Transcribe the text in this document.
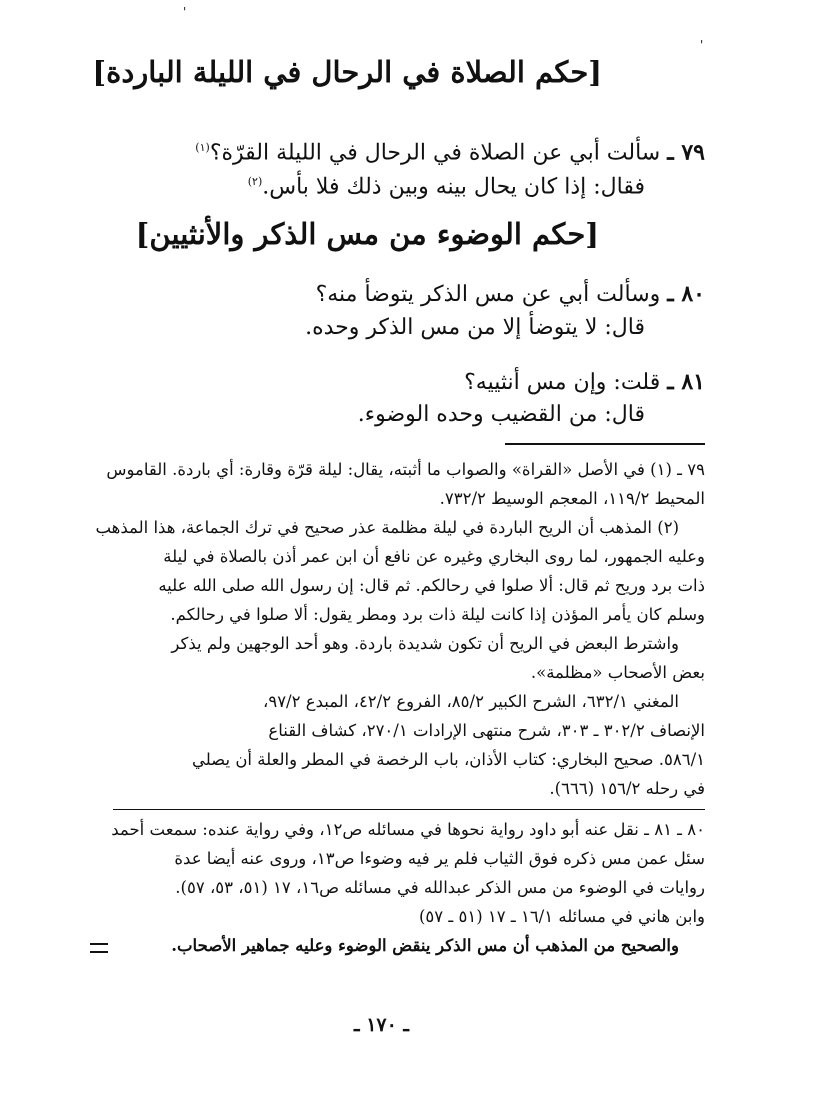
'
'
[حكم الصلاة في الرحال في الليلة الباردة]
٧٩ ـ سألت أبي عن الصلاة في الرحال في الليلة القرّة؟$^{(١)}$
فقال: إذا كان يحال بينه وبين ذلك فلا بأس.$^{(٢)}$
[حكم الوضوء من مس الذكر والأنثيين]
٨٠ ـ وسألت أبي عن مس الذكر يتوضأ منه؟
قال: لا يتوضأ إلا من مس الذكر وحده.
٨١ ـ قلت: وإن مس أنثييه؟
قال: من القضيب وحده الوضوء.
٧٩ ـ (١) في الأصل «القراة» والصواب ما أثبته، يقال: ليلة قرّة وقارة: أي باردة. القاموس
المحيط ١١٩/٢، المعجم الوسيط ٧٣٢/٢.
(٢) المذهب أن الريح الباردة في ليلة مظلمة عذر صحيح في ترك الجماعة، هذا المذهب
وعليه الجمهور، لما روى البخاري وغيره عن نافع أن ابن عمر أذن بالصلاة في ليلة
ذات برد وريح ثم قال: ألا صلوا في رحالكم. ثم قال: إن رسول الله صلى الله عليه
وسلم كان يأمر المؤذن إذا كانت ليلة ذات برد ومطر يقول: ألا صلوا في رحالكم.
واشترط البعض في الريح أن تكون شديدة باردة. وهو أحد الوجهين ولم يذكر
بعض الأصحاب «مظلمة».
المغني ٦٣٢/١، الشرح الكبير ٨٥/٢، الفروع ٤٢/٢، المبدع ٩٧/٢،
الإنصاف ٣٠٢/٢ ـ ٣٠٣، شرح منتهى الإرادات ٢٧٠/١، كشاف القناع
٥٨٦/١. صحيح البخاري: كتاب الأذان، باب الرخصة في المطر والعلة أن يصلي
في رحله ١٥٦/٢ (٦٦٦).
٨٠ ـ ٨١ ـ نقل عنه أبو داود رواية نحوها في مسائله ص١٢، وفي رواية عنده: سمعت أحمد
سئل عمن مس ذكره فوق الثياب فلم ير فيه وضوءا ص١٣، وروى عنه أيضا عدة
روايات في الوضوء من مس الذكر عبدالله في مسائله ص١٦، ١٧ (٥١، ٥٣، ٥٧).
وابن هاني في مسائله ١٦/١ ـ ١٧ (٥١ ـ ٥٧)
والصحيح من المذهب أن مس الذكر ينقض الوضوء وعليه جماهير الأصحاب.
ـ ١٧٠ ـ
